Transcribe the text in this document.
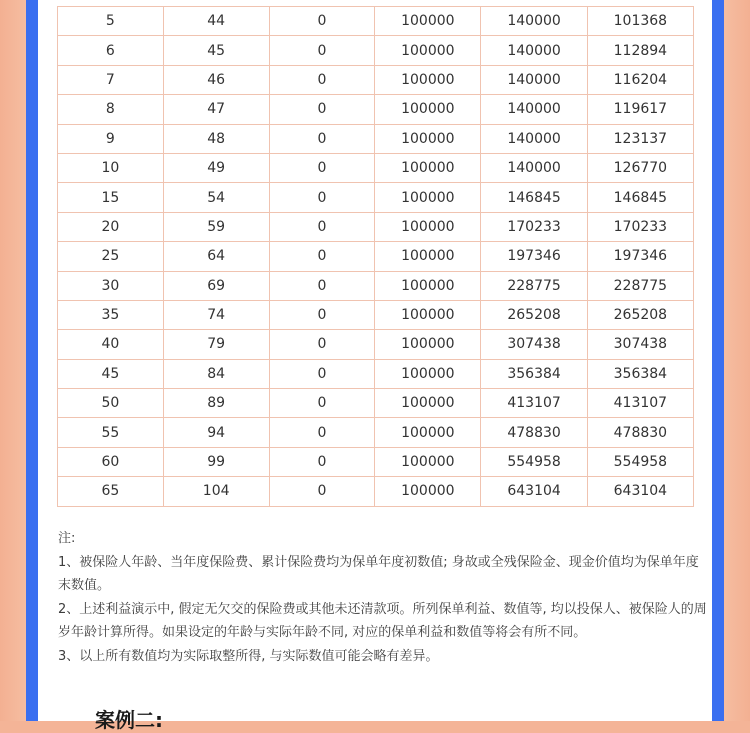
5	44	0	100000	140000	101368
6	45	0	100000	140000	112894
7	46	0	100000	140000	116204
8	47	0	100000	140000	119617
9	48	0	100000	140000	123137
10	49	0	100000	140000	126770
15	54	0	100000	146845	146845
20	59	0	100000	170233	170233
25	64	0	100000	197346	197346
30	69	0	100000	228775	228775
35	74	0	100000	265208	265208
40	79	0	100000	307438	307438
45	84	0	100000	356384	356384
50	89	0	100000	413107	413107
55	94	0	100000	478830	478830
60	99	0	100000	554958	554958
65	104	0	100000	643104	643104

注:

1、被保险人年龄、当年度保险费、累计保险费均为保单年度初数值; 身故或全残保险金、现金价值均为保单年度末数值。

2、上述利益演示中, 假定无欠交的保险费或其他未还清款项。所列保单利益、数值等, 均以投保人、被保险人的周岁年龄计算所得。如果设定的年龄与实际年龄不同, 对应的保单利益和数值等将会有所不同。

3、以上所有数值均为实际取整所得, 与实际数值可能会略有差异。

案例二:
